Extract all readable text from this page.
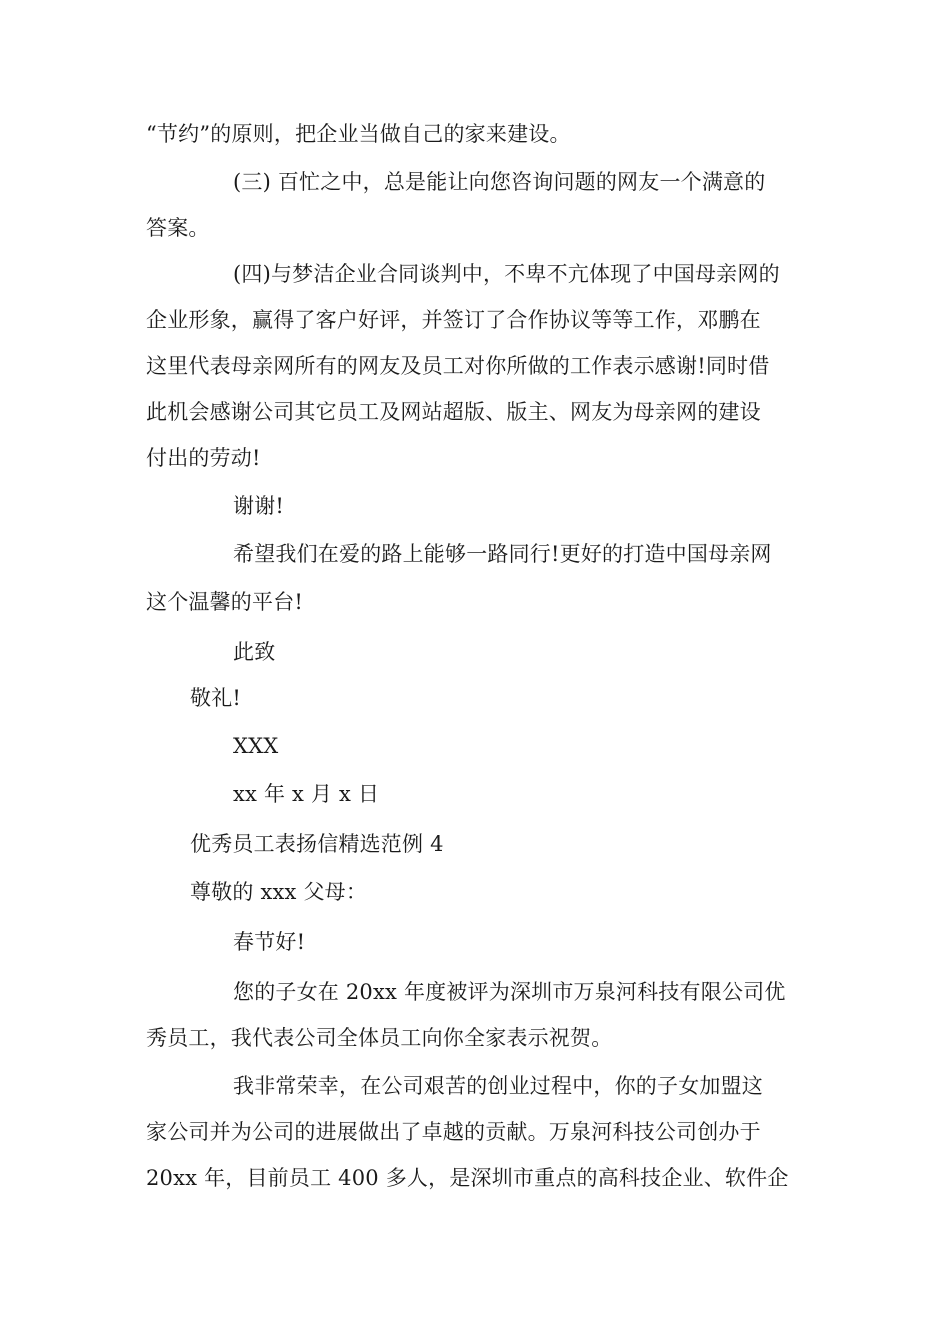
“节约”的原则，把企业当做自己的家来建设。
(三) 百忙之中，总是能让向您咨询问题的网友一个满意的
答案。
(四)与梦洁企业合同谈判中，不卑不亢体现了中国母亲网的
企业形象，赢得了客户好评，并签订了合作协议等等工作，邓鹏在
这里代表母亲网所有的网友及员工对你所做的工作表示感谢!同时借
此机会感谢公司其它员工及网站超版、版主、网友为母亲网的建设
付出的劳动!
谢谢!
希望我们在爱的路上能够一路同行!更好的打造中国母亲网
这个温馨的平台!
此致
敬礼!
XXX
xx 年 x 月 x 日
优秀员工表扬信精选范例 4
尊敬的 xxx 父母：
春节好!
您的子女在 20xx 年度被评为深圳市万泉河科技有限公司优
秀员工，我代表公司全体员工向你全家表示祝贺。
我非常荣幸，在公司艰苦的创业过程中，你的子女加盟这
家公司并为公司的进展做出了卓越的贡献。万泉河科技公司创办于
20xx 年，目前员工 400 多人，是深圳市重点的高科技企业、软件企
